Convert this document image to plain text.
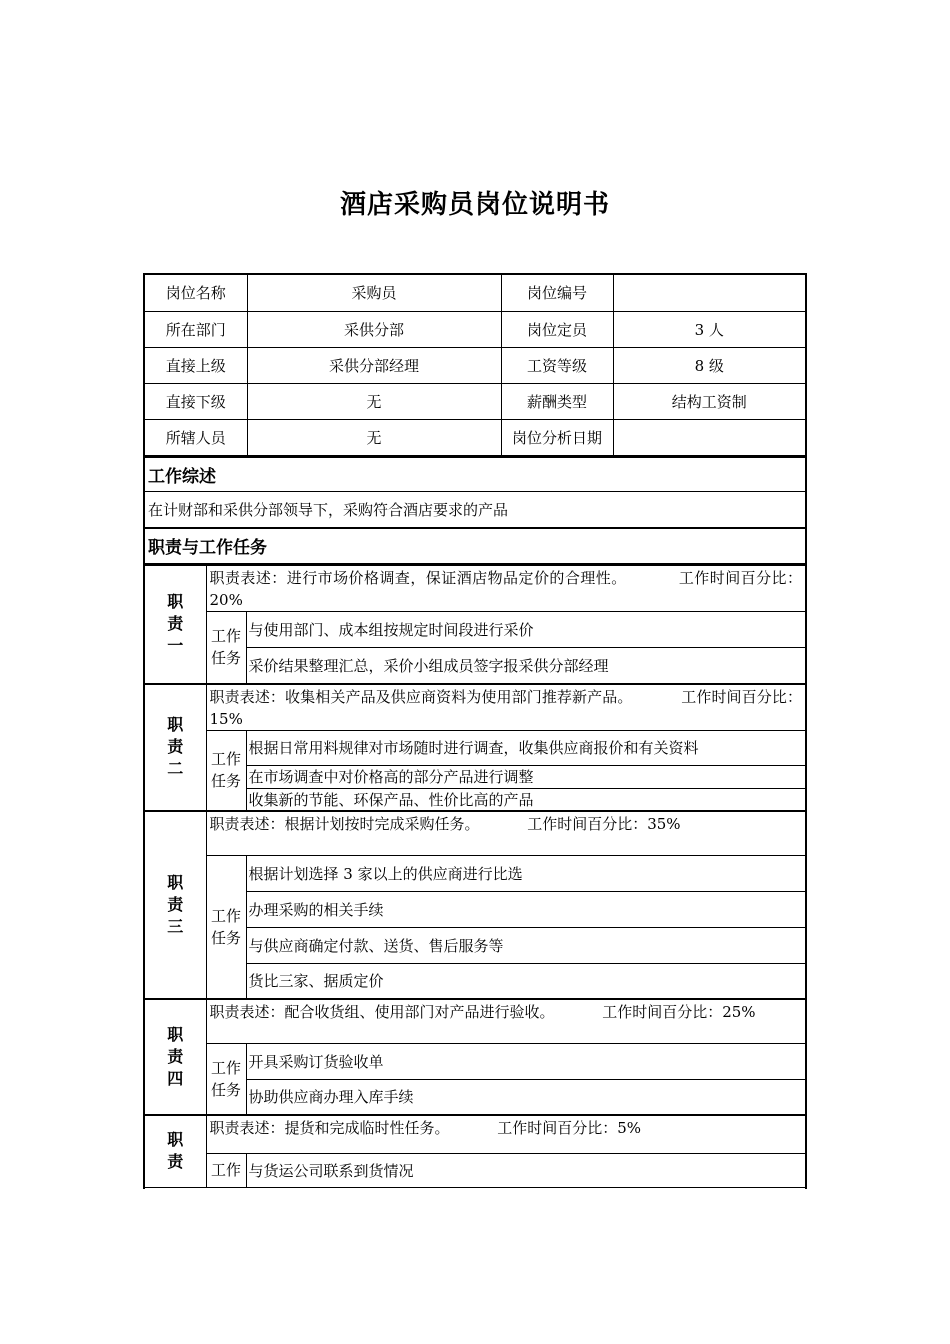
酒店采购员岗位说明书
岗位名称	采购员	岗位编号	
所在部门	采供分部	岗位定员	3 人
直接上级	采供分部经理	工资等级	8 级
直接下级	无	薪酬类型	结构工资制
所辖人员	无	岗位分析日期	
工作综述
在计财部和采供分部领导下，采购符合酒店要求的产品
职责与工作任务
职责一	职责表述：进行市场价格调查，保证酒店物品定价的合理性。 工作时间百分比：20%	
	工作任务	与使用部门、成本组按规定时间段进行采价
		采价结果整理汇总，采价小组成员签字报采供分部经理
职责二	职责表述：收集相关产品及供应商资料为使用部门推荐新产品。 工作时间百分比：15%	
	工作任务	根据日常用料规律对市场随时进行调查，收集供应商报价和有关资料
		在市场调查中对价格高的部分产品进行调整
		收集新的节能、环保产品、性价比高的产品
职责三	职责表述：根据计划按时完成采购任务。 工作时间百分比：35%	
	工作任务	根据计划选择 3 家以上的供应商进行比选
		办理采购的相关手续
		与供应商确定付款、送货、售后服务等
		货比三家、据质定价
职责四	职责表述：配合收货组、使用部门对产品进行验收。 工作时间百分比：25%	
	工作任务	开具采购订货验收单
		协助供应商办理入库手续
职责	职责表述：提货和完成临时性任务。 工作时间百分比：5%	
	工作	与货运公司联系到货情况
